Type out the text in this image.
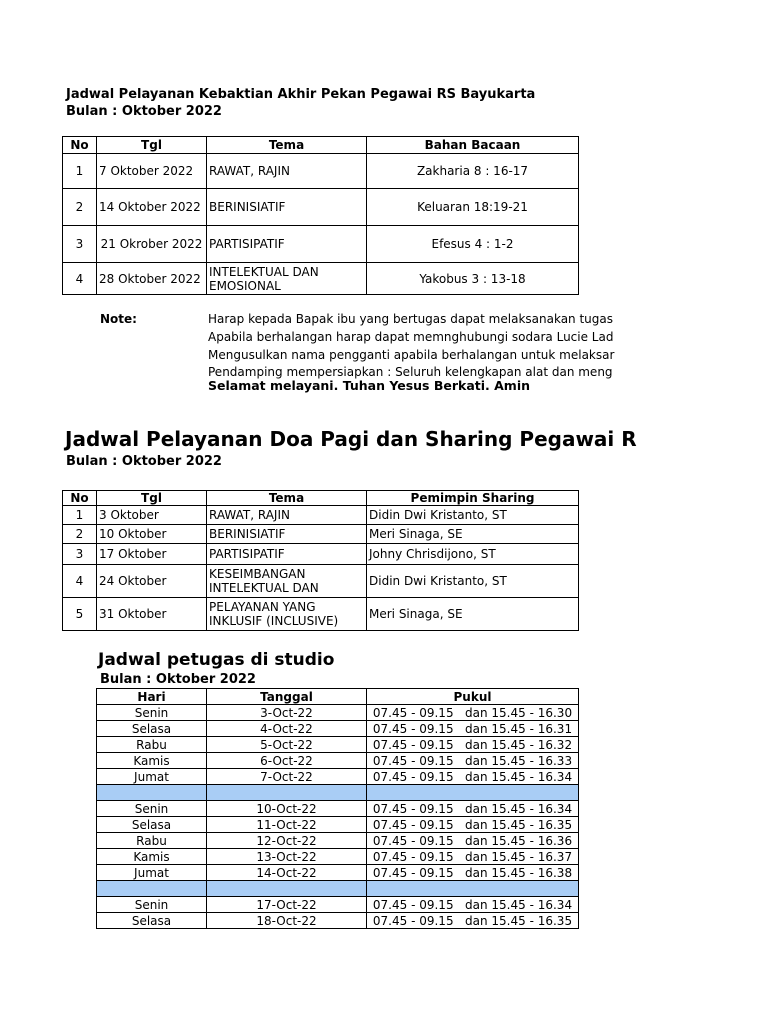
Jadwal Pelayanan Kebaktian Akhir Pekan Pegawai RS Bayukarta
Bulan : Oktober 2022
No	Tgl	Tema	Bahan Bacaan
1	7 Oktober 2022	RAWAT, RAJIN	Zakharia 8 : 16-17
2	14 Oktober 2022	BERINISIATIF	Keluaran 18:19-21
3	21 Okrober 2022	PARTISIPATIF	Efesus 4 : 1-2
4	28 Oktober 2022	INTELEKTUAL DAN EMOSIONAL	Yakobus 3 : 13-18
Note:	Harap kepada Bapak ibu yang bertugas dapat melaksanakan tugas
Apabila berhalangan harap dapat memnghubungi sodara Lucie Lad
Mengusulkan nama pengganti apabila berhalangan untuk melaksar
Pendamping mempersiapkan : Seluruh kelengkapan alat dan meng
Selamat melayani. Tuhan Yesus Berkati. Amin
Jadwal Pelayanan Doa Pagi dan Sharing Pegawai R
Bulan : Oktober 2022
No	Tgl	Tema	Pemimpin Sharing
1	3 Oktober	RAWAT, RAJIN	Didin Dwi Kristanto, ST
2	10 Oktober	BERINISIATIF	Meri Sinaga, SE
3	17 Oktober	PARTISIPATIF	Johny Chrisdijono, ST
4	24 Oktober	KESEIMBANGAN INTELEKTUAL DAN	Didin Dwi Kristanto, ST
5	31 Oktober	PELAYANAN YANG INKLUSIF (INCLUSIVE)	Meri Sinaga, SE
Jadwal petugas di studio
Bulan : Oktober 2022
Hari	Tanggal	Pukul
Senin	3-Oct-22	07.45 - 09.15   dan 15.45 - 16.30
Selasa	4-Oct-22	07.45 - 09.15   dan 15.45 - 16.31
Rabu	5-Oct-22	07.45 - 09.15   dan 15.45 - 16.32
Kamis	6-Oct-22	07.45 - 09.15   dan 15.45 - 16.33
Jumat	7-Oct-22	07.45 - 09.15   dan 15.45 - 16.34

Senin	10-Oct-22	07.45 - 09.15   dan 15.45 - 16.34
Selasa	11-Oct-22	07.45 - 09.15   dan 15.45 - 16.35
Rabu	12-Oct-22	07.45 - 09.15   dan 15.45 - 16.36
Kamis	13-Oct-22	07.45 - 09.15   dan 15.45 - 16.37
Jumat	14-Oct-22	07.45 - 09.15   dan 15.45 - 16.38

Senin	17-Oct-22	07.45 - 09.15   dan 15.45 - 16.34
Selasa	18-Oct-22	07.45 - 09.15   dan 15.45 - 16.35
